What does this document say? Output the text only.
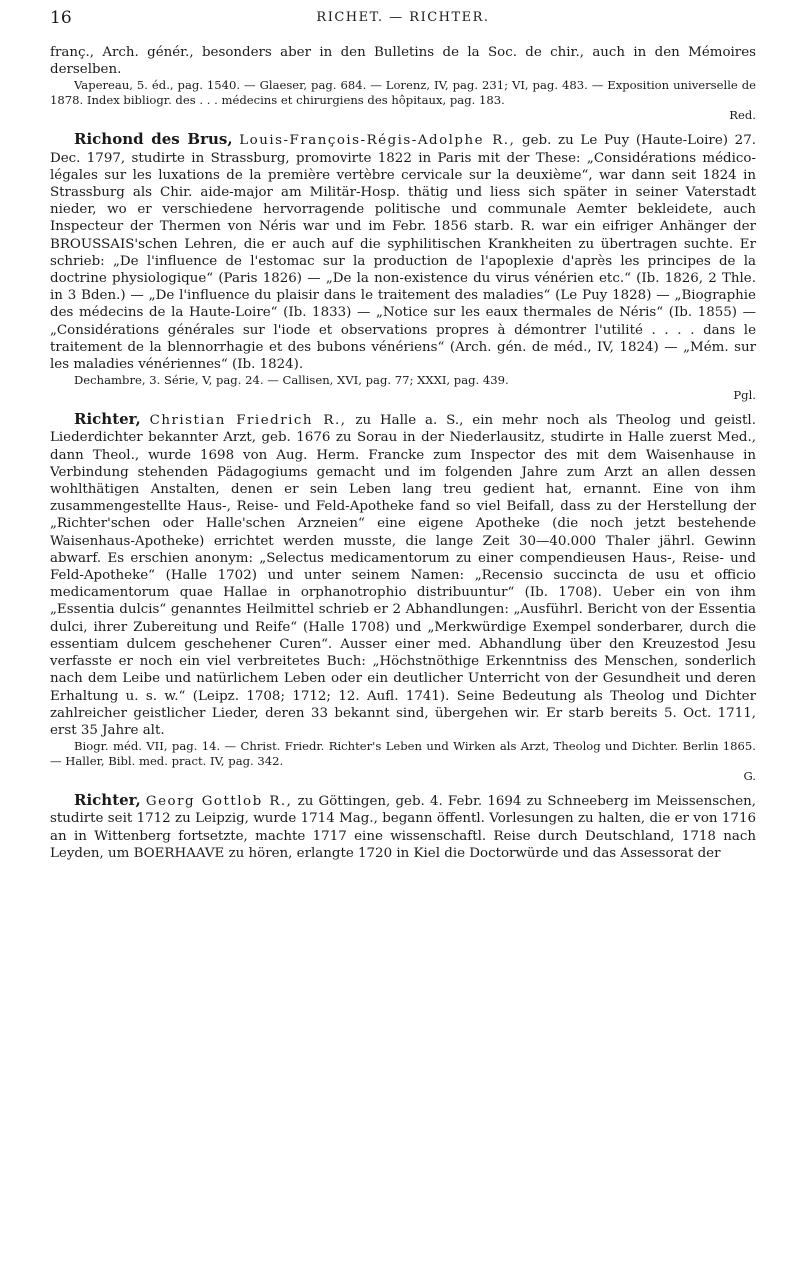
16	RICHET. — RICHTER.

franç., Arch. génér., besonders aber in den Bulletins de la Soc. de chir., auch in den Mémoires derselben.

Vapereau, 5. éd., pag. 1540. — Glaeser, pag. 684. — Lorenz, IV, pag. 231; VI, pag. 483. — Exposition universelle de 1878. Index bibliogr. des . . . médecins et chirurgiens des hôpitaux, pag. 183.

Red.

Richond des Brus, Louis-François-Régis-Adolphe R., geb. zu Le Puy (Haute-Loire) 27. Dec. 1797, studirte in Strassburg, promovirte 1822 in Paris mit der These: „Considérations médico-légales sur les luxations de la première vertèbre cervicale sur la deuxième“, war dann seit 1824 in Strassburg als Chir. aide-major am Militär-Hosp. thätig und liess sich später in seiner Vaterstadt nieder, wo er verschiedene hervorragende politische und communale Aemter bekleidete, auch Inspecteur der Thermen von Néris war und im Febr. 1856 starb. R. war ein eifriger Anhänger der BROUSSAIS'schen Lehren, die er auch auf die syphilitischen Krankheiten zu übertragen suchte. Er schrieb: „De l'influence de l'estomac sur la production de l'apoplexie d'après les principes de la doctrine physiologique“ (Paris 1826) — „De la non-existence du virus vénérien etc.“ (Ib. 1826, 2 Thle. in 3 Bden.) — „De l'influence du plaisir dans le traitement des maladies“ (Le Puy 1828) — „Biographie des médecins de la Haute-Loire“ (Ib. 1833) — „Notice sur les eaux thermales de Néris“ (Ib. 1855) — „Considérations générales sur l'iode et observations propres à démontrer l'utilité . . . . dans le traitement de la blennorrhagie et des bubons vénériens“ (Arch. gén. de méd., IV, 1824) — „Mém. sur les maladies vénériennes“ (Ib. 1824).

Dechambre, 3. Série, V, pag. 24. — Callisen, XVI, pag. 77; XXXI, pag. 439.

Pgl.

Richter, Christian Friedrich R., zu Halle a. S., ein mehr noch als Theolog und geistl. Liederdichter bekannter Arzt, geb. 1676 zu Sorau in der Niederlausitz, studirte in Halle zuerst Med., dann Theol., wurde 1698 von Aug. Herm. Francke zum Inspector des mit dem Waisenhause in Verbindung stehenden Pädagogiums gemacht und im folgenden Jahre zum Arzt an allen dessen wohlthätigen Anstalten, denen er sein Leben lang treu gedient hat, ernannt. Eine von ihm zusammengestellte Haus-, Reise- und Feld-Apotheke fand so viel Beifall, dass zu der Herstellung der „Richter'schen oder Halle'schen Arzneien“ eine eigene Apotheke (die noch jetzt bestehende Waisenhaus-Apotheke) errichtet werden musste, die lange Zeit 30—40.000 Thaler jährl. Gewinn abwarf. Es erschien anonym: „Selectus medicamentorum zu einer compendieusen Haus-, Reise- und Feld-Apotheke“ (Halle 1702) und unter seinem Namen: „Recensio succincta de usu et officio medicamentorum quae Hallae in orphanotrophio distribuuntur“ (Ib. 1708). Ueber ein von ihm „Essentia dulcis“ genanntes Heilmittel schrieb er 2 Abhandlungen: „Ausführl. Bericht von der Essentia dulci, ihrer Zubereitung und Reife“ (Halle 1708) und „Merkwürdige Exempel sonderbarer, durch die essentiam dulcem geschehener Curen“. Ausser einer med. Abhandlung über den Kreuzestod Jesu verfasste er noch ein viel verbreitetes Buch: „Höchstnöthige Erkenntniss des Menschen, sonderlich nach dem Leibe und natürlichem Leben oder ein deutlicher Unterricht von der Gesundheit und deren Erhaltung u. s. w.“ (Leipz. 1708; 1712; 12. Aufl. 1741). Seine Bedeutung als Theolog und Dichter zahlreicher geistlicher Lieder, deren 33 bekannt sind, übergehen wir. Er starb bereits 5. Oct. 1711, erst 35 Jahre alt.

Biogr. méd. VII, pag. 14. — Christ. Friedr. Richter's Leben und Wirken als Arzt, Theolog und Dichter. Berlin 1865. — Haller, Bibl. med. pract. IV, pag. 342.

G.

Richter, Georg Gottlob R., zu Göttingen, geb. 4. Febr. 1694 zu Schneeberg im Meissenschen, studirte seit 1712 zu Leipzig, wurde 1714 Mag., begann öffentl. Vorlesungen zu halten, die er von 1716 an in Wittenberg fortsetzte, machte 1717 eine wissenschaftl. Reise durch Deutschland, 1718 nach Leyden, um BOERHAAVE zu hören, erlangte 1720 in Kiel die Doctorwürde und das Assessorat der
